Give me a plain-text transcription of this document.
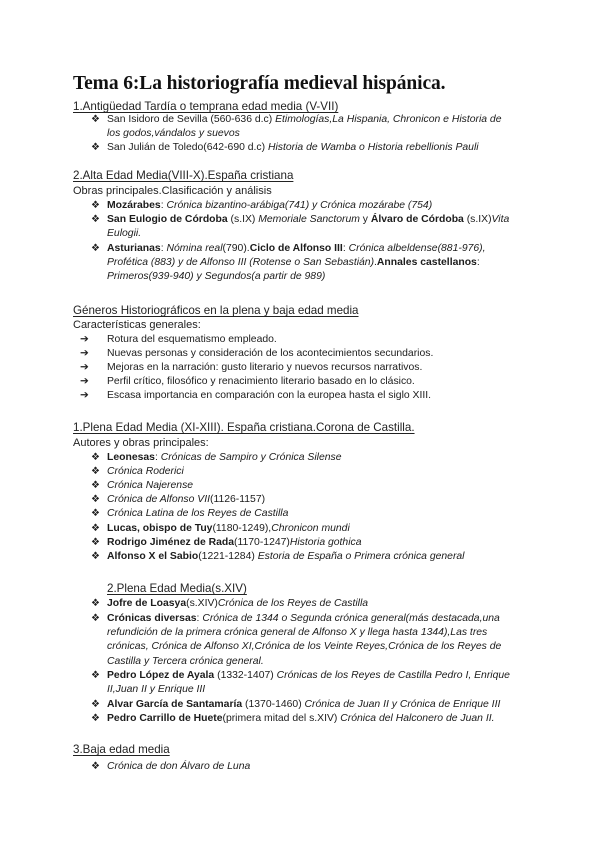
Tema 6:La historiografía medieval hispánica.
1.Antigüedad Tardía o temprana edad media (V-VII)
❖ San Isidoro de Sevilla (560-636 d.c) Etimologías,La Hispania, Chronicon e Historia de los godos,vándalos y suevos
❖ San Julián de Toledo(642-690 d.c) Historia de Wamba o Historia rebellionis Pauli
2.Alta Edad Media(VIII-X).España cristiana
Obras principales.Clasificación y análisis
❖ Mozárabes: Crónica bizantino-arábiga(741) y Crónica mozárabe (754)
❖ San Eulogio de Córdoba (s.IX) Memoriale Sanctorum y Álvaro de Córdoba (s.IX)Vita Eulogii.
❖ Asturianas: Nómina real(790).Ciclo de Alfonso III: Crónica albeldense(881-976), Profética (883) y de Alfonso III (Rotense o San Sebastián).Annales castellanos: Primeros(939-940) y Segundos(a partir de 989)
Géneros Historiográficos en la plena y baja edad media
Características generales:
➔	Rotura del esquematismo empleado.
➔	Nuevas personas y consideración de los acontecimientos secundarios.
➔	Mejoras en la narración: gusto literario y nuevos recursos narrativos.
➔	Perfil crítico, filosófico y renacimiento literario basado en lo clásico.
➔	Escasa importancia en comparación con la europea hasta el siglo XIII.
1.Plena Edad Media (XI-XIII). España cristiana.Corona de Castilla.
Autores y obras principales:
❖ Leonesas: Crónicas de Sampiro y Crónica Silense
❖ Crónica Roderici
❖ Crónica Najerense
❖ Crónica de Alfonso VII(1126-1157)
❖ Crónica Latina de los Reyes de Castilla
❖ Lucas, obispo de Tuy(1180-1249),Chronicon mundi
❖ Rodrigo Jiménez de Rada(1170-1247)Historia gothica
❖ Alfonso X el Sabio(1221-1284) Estoria de España o Primera crónica general
2.Plena Edad Media(s.XIV)
❖ Jofre de Loasya(s.XIV)Crónica de los Reyes de Castilla
❖ Crónicas diversas: Crónica de 1344 o Segunda crónica general(más destacada,una refundición de la primera crónica general de Alfonso X y llega hasta 1344),Las tres crónicas, Crónica de Alfonso XI,Crónica de los Veinte Reyes,Crónica de los Reyes de Castilla y Tercera crónica general.
❖ Pedro López de Ayala (1332-1407) Crónicas de los Reyes de Castilla Pedro I, Enrique II,Juan II y Enrique III
❖ Alvar García de Santamaría (1370-1460) Crónica de Juan II y Crónica de Enrique III
❖ Pedro Carrillo de Huete(primera mitad del s.XIV) Crónica del Halconero de Juan II.
3.Baja edad media
❖ Crónica de don Álvaro de Luna
